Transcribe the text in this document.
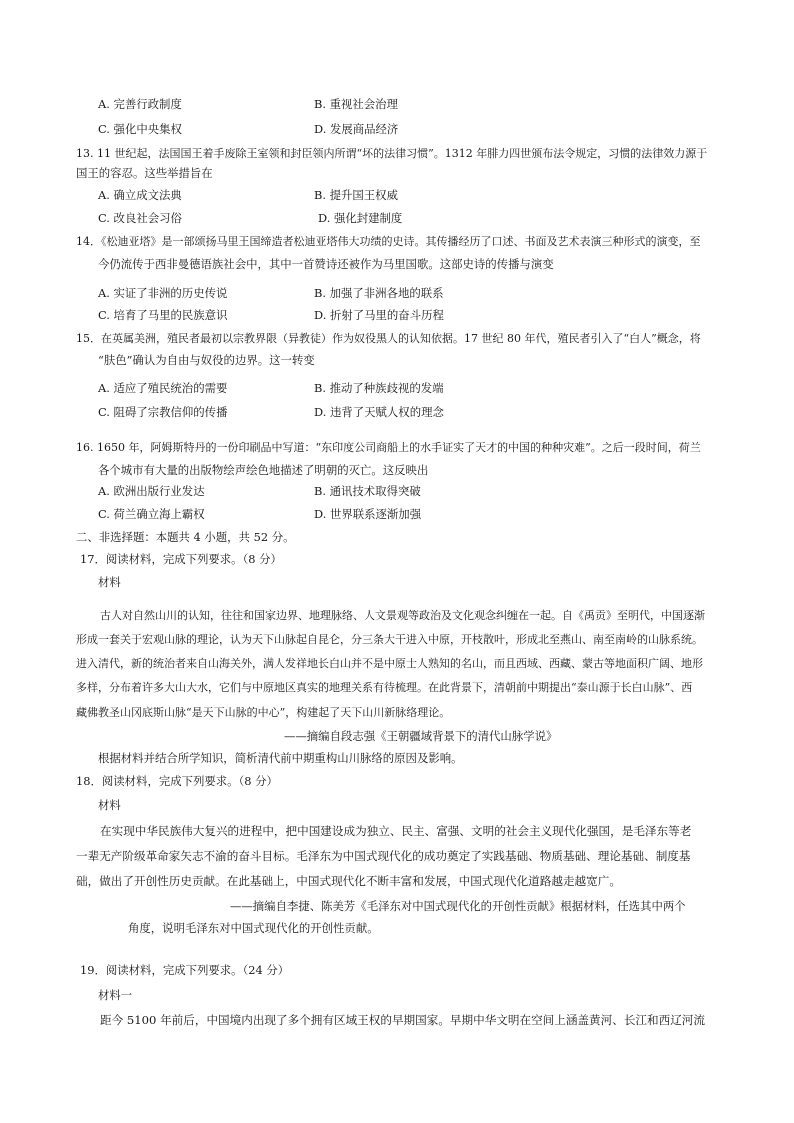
A. 完善行政制度	B. 重视社会治理
C. 强化中央集权	D. 发展商品经济
13. 11 世纪起，法国国王着手废除王室领和封臣领内所谓“坏的法律习惯”。1312 年腓力四世颁布法令规定，习惯的法律效力源于
国王的容忍。这些举措旨在
A. 确立成文法典	B. 提升国王权威
C. 改良社会习俗	D. 强化封建制度
14．《松迪亚塔》是一部颂扬马里王国缔造者松迪亚塔伟大功绩的史诗。其传播经历了口述、书面及艺术表演三种形式的演变，至
今仍流传于西非曼德语族社会中，其中一首赞诗还被作为马里国歌。这部史诗的传播与演变
A. 实证了非洲的历史传说	B. 加强了非洲各地的联系
C. 培育了马里的民族意识	D. 折射了马里的奋斗历程
15．在英属美洲，殖民者最初以宗教界限（异教徒）作为奴役黑人的认知依据。17 世纪 80 年代，殖民者引入了“白人”概念，将
“肤色”确认为自由与奴役的边界。这一转变
A. 适应了殖民统治的需要	B. 推动了种族歧视的发端
C. 阻碍了宗教信仰的传播	D. 违背了天赋人权的理念
16. 1650 年，阿姆斯特丹的一份印刷品中写道：“东印度公司商船上的水手证实了天才的中国的种种灾难”。之后一段时间，荷兰
各个城市有大量的出版物绘声绘色地描述了明朝的灭亡。这反映出
A. 欧洲出版行业发达	B. 通讯技术取得突破
C. 荷兰确立海上霸权	D. 世界联系逐渐加强
二、非选择题：本题共 4 小题，共 52 分。
17．阅读材料，完成下列要求。（8 分）
材料
古人对自然山川的认知，往往和国家边界、地理脉络、人文景观等政治及文化观念纠缠在一起。自《禹贡》至明代，中国逐渐
形成一套关于宏观山脉的理论，认为天下山脉起自昆仑，分三条大干进入中原，开枝散叶，形成北至燕山、南至南岭的山脉系统。
进入清代，新的统治者来自山海关外，满人发祥地长白山并不是中原士人熟知的名山，而且西域、西藏、蒙古等地面积广阔、地形
多样，分布着许多大山大水，它们与中原地区真实的地理关系有待梳理。在此背景下，清朝前中期提出“泰山源于长白山脉”、西
藏佛教圣山冈底斯山脉“是天下山脉的中心”，构建起了天下山川新脉络理论。
——摘编自段志强《王朝疆域背景下的清代山脉学说》
根据材料并结合所学知识，简析清代前中期重构山川脉络的原因及影响。
18．阅读材料，完成下列要求。（8 分）
材料
在实现中华民族伟大复兴的进程中，把中国建设成为独立、民主、富强、文明的社会主义现代化强国，是毛泽东等老
一辈无产阶级革命家矢志不渝的奋斗目标。毛泽东为中国式现代化的成功奠定了实践基础、物质基础、理论基础、制度基
础，做出了开创性历史贡献。在此基础上，中国式现代化不断丰富和发展，中国式现代化道路越走越宽广。
——摘编自李捷、陈美芳《毛泽东对中国式现代化的开创性贡献》根据材料，任选其中两个
角度，说明毛泽东对中国式现代化的开创性贡献。
19．阅读材料，完成下列要求。（24 分）
材料一
距今 5100 年前后，中国境内出现了多个拥有区域王权的早期国家。早期中华文明在空间上涵盖黄河、长江和西辽河流
